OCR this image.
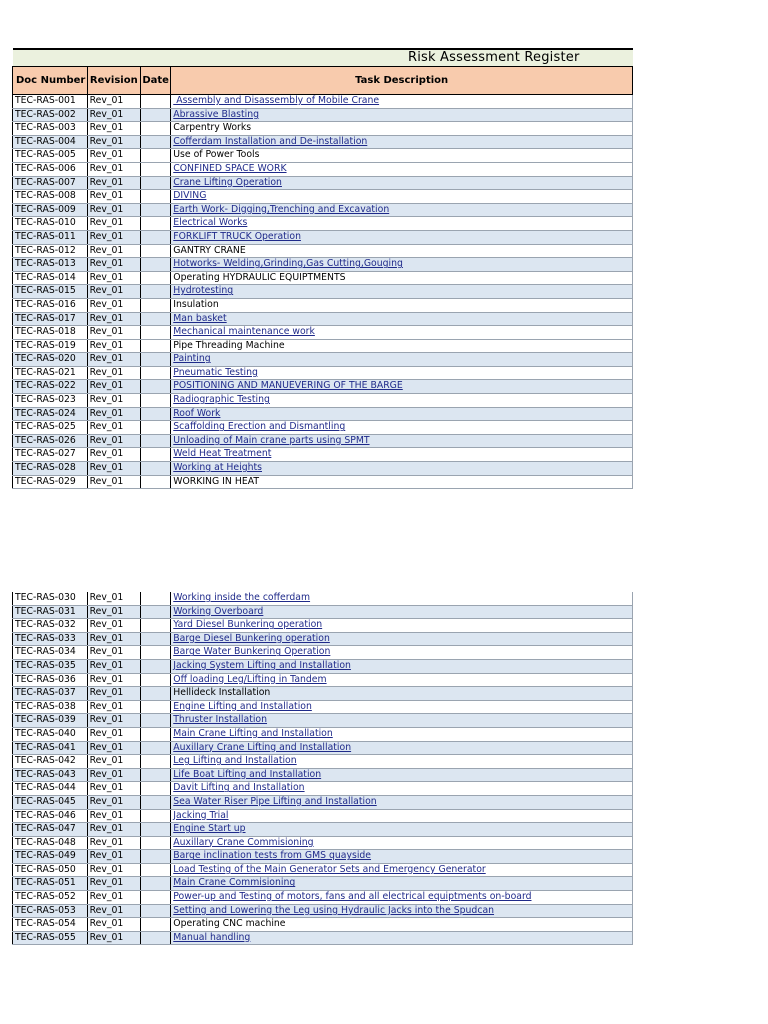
Risk Assessment Register			

Doc Number	Revision	Date	Task Description
TEC-RAS-001	Rev_01		Assembly and Disassembly of Mobile Crane
TEC-RAS-002	Rev_01		Abrassive Blasting
TEC-RAS-003	Rev_01		Carpentry Works
TEC-RAS-004	Rev_01		Cofferdam Installation and De-installation
TEC-RAS-005	Rev_01		Use of Power Tools
TEC-RAS-006	Rev_01		CONFINED SPACE WORK
TEC-RAS-007	Rev_01		Crane Lifting Operation
TEC-RAS-008	Rev_01		DIVING
TEC-RAS-009	Rev_01		Earth Work- Digging,Trenching and Excavation
TEC-RAS-010	Rev_01		Electrical Works
TEC-RAS-011	Rev_01		FORKLIFT TRUCK Operation
TEC-RAS-012	Rev_01		GANTRY CRANE
TEC-RAS-013	Rev_01		Hotworks- Welding,Grinding,Gas Cutting,Gouging
TEC-RAS-014	Rev_01		Operating HYDRAULIC EQUIPTMENTS
TEC-RAS-015	Rev_01		Hydrotesting
TEC-RAS-016	Rev_01		Insulation
TEC-RAS-017	Rev_01		Man basket
TEC-RAS-018	Rev_01		Mechanical maintenance work
TEC-RAS-019	Rev_01		Pipe Threading Machine
TEC-RAS-020	Rev_01		Painting
TEC-RAS-021	Rev_01		Pneumatic Testing
TEC-RAS-022	Rev_01		POSITIONING AND MANUEVERING OF THE BARGE
TEC-RAS-023	Rev_01		Radiographic Testing
TEC-RAS-024	Rev_01		Roof Work
TEC-RAS-025	Rev_01		Scaffolding Erection and Dismantling
TEC-RAS-026	Rev_01		Unloading of Main crane parts using SPMT
TEC-RAS-027	Rev_01		Weld Heat Treatment
TEC-RAS-028	Rev_01		Working at Heights
TEC-RAS-029	Rev_01		WORKING IN HEAT
TEC-RAS-030	Rev_01		Working inside the cofferdam
TEC-RAS-031	Rev_01		Working Overboard
TEC-RAS-032	Rev_01		Yard Diesel Bunkering operation
TEC-RAS-033	Rev_01		Barge Diesel Bunkering operation
TEC-RAS-034	Rev_01		Barge Water Bunkering Operation
TEC-RAS-035	Rev_01		Jacking System Lifting and Installation
TEC-RAS-036	Rev_01		Off loading Leg/Lifting in Tandem
TEC-RAS-037	Rev_01		Hellideck Installation
TEC-RAS-038	Rev_01		Engine Lifting and Installation
TEC-RAS-039	Rev_01		Thruster Installation
TEC-RAS-040	Rev_01		Main Crane Lifting and Installation
TEC-RAS-041	Rev_01		Auxillary Crane Lifting and Installation
TEC-RAS-042	Rev_01		Leg Lifting and Installation
TEC-RAS-043	Rev_01		Life Boat Lifting and Installation
TEC-RAS-044	Rev_01		Davit Lifting and Installation
TEC-RAS-045	Rev_01		Sea Water Riser Pipe Lifting and Installation
TEC-RAS-046	Rev_01		Jacking Trial
TEC-RAS-047	Rev_01		Engine Start up
TEC-RAS-048	Rev_01		Auxillary Crane Commisioning
TEC-RAS-049	Rev_01		Barge inclination tests from GMS quayside
TEC-RAS-050	Rev_01		Load Testing of the Main Generator Sets and Emergency Generator
TEC-RAS-051	Rev_01		Main Crane Commisioning
TEC-RAS-052	Rev_01		Power-up and Testing of motors, fans and all electrical equiptments on-board
TEC-RAS-053	Rev_01		Setting and Lowering the Leg using Hydraulic Jacks into the Spudcan
TEC-RAS-054	Rev_01		Operating CNC machine
TEC-RAS-055	Rev_01		Manual handling
